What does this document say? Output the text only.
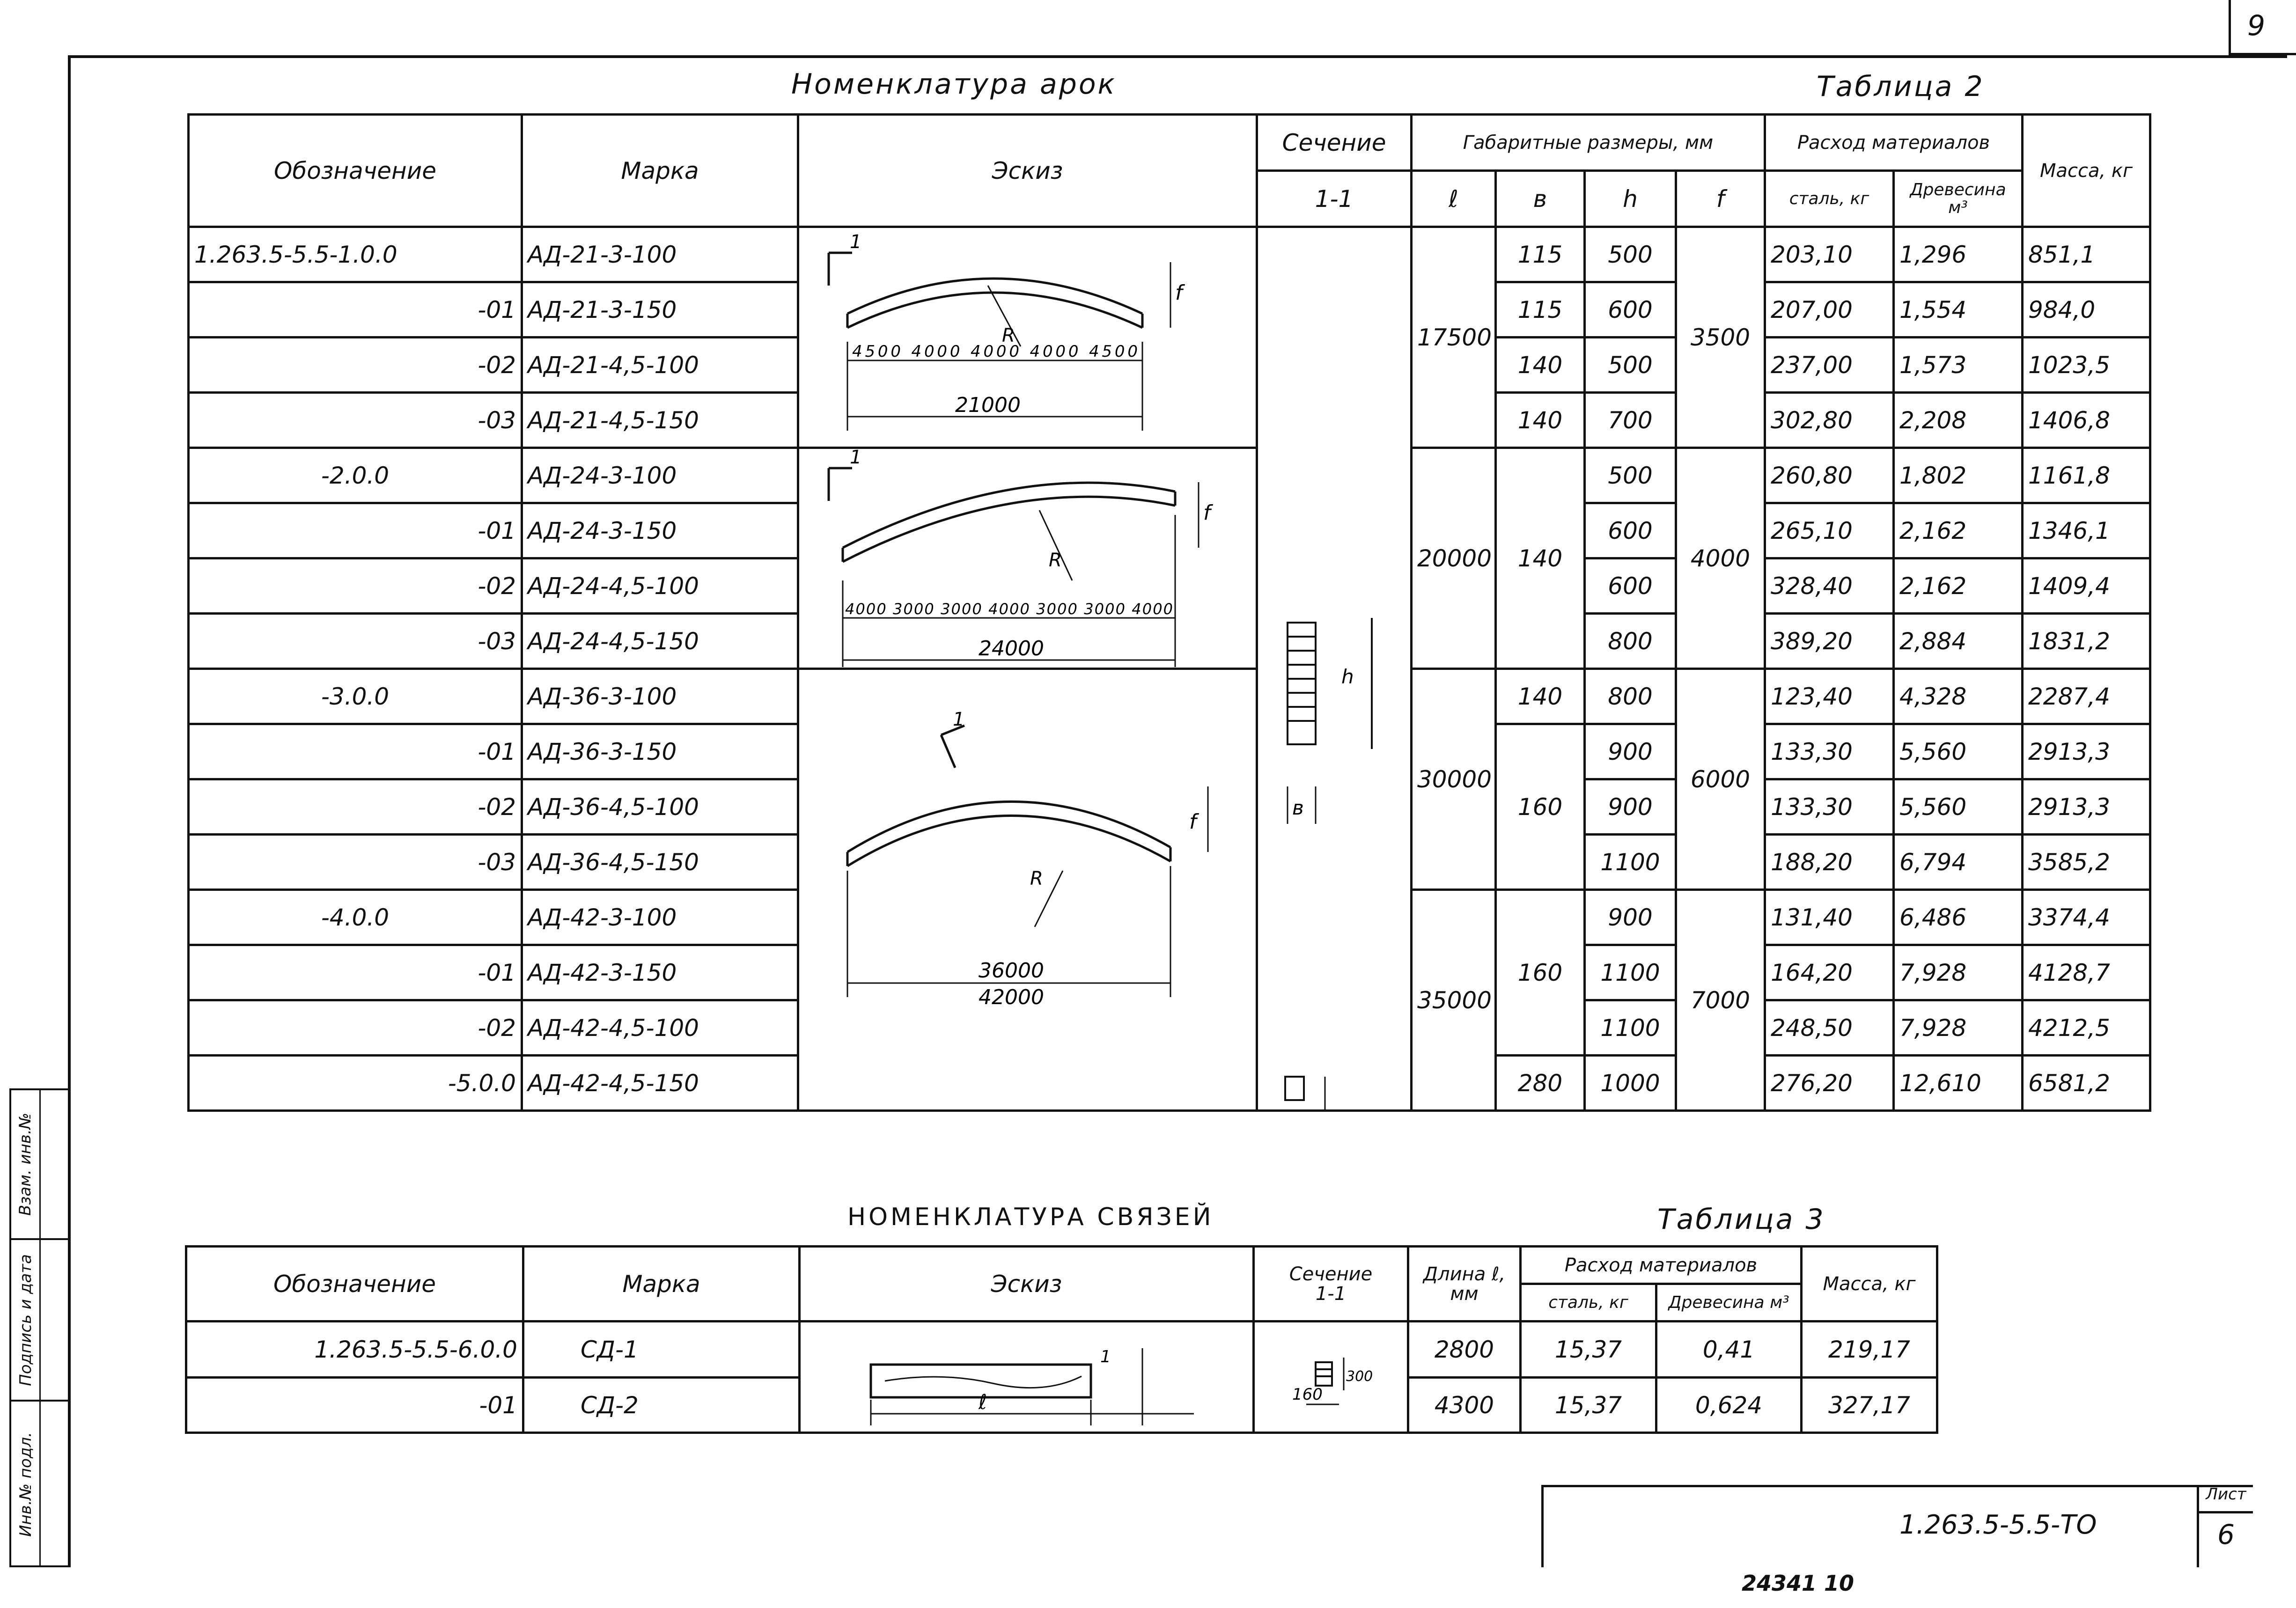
9
Взам. инв.№
Подпись и дата
Инв.№ подл.
Номенклатура арок	Таблица 2
Обозначение	Марка	Эскиз	Сечение	Габаритные размеры, мм				Расход материалов		Масса, кг
			1-1	ℓ	в	h	f	сталь, кг	Древесина м³	
1.263.5-5.5-1.0.0	АД-21-3-100			17500	115	500	3500	203,10	1,296	851,1
-01	АД-21-3-150				115	600		207,00	1,554	984,0
-02	АД-21-4,5-100				140	500		237,00	1,573	1023,5
-03	АД-21-4,5-150				140	700		302,80	2,208	1406,8
-2.0.0	АД-24-3-100			20000	140	500	4000	260,80	1,802	1161,8
-01	АД-24-3-150					600		265,10	2,162	1346,1
-02	АД-24-4,5-100					600		328,40	2,162	1409,4
-03	АД-24-4,5-150					800		389,20	2,884	1831,2
-3.0.0	АД-36-3-100			30000	140	800	6000	123,40	4,328	2287,4
-01	АД-36-3-150				160	900		133,30	5,560	2913,3
-02	АД-36-4,5-100					900		133,30	5,560	2913,3
-03	АД-36-4,5-150					1100		188,20	6,794	3585,2
-4.0.0	АД-42-3-100			35000	160	900	7000	131,40	6,486	3374,4
-01	АД-42-3-150					1100		164,20	7,928	4128,7
-02	АД-42-4,5-100					1100		248,50	7,928	4212,5
-5.0.0	АД-42-4,5-150				280	1000		276,20	12,610	6581,2
1
f
R
4500 4000 4000 4000 4500
21000
1
f
R
4000 3000 3000 4000 3000 3000 4000
24000
1
f
R
36000
42000
h
в
НОМЕНКЛАТУРА СВЯЗЕЙ	Таблица 3
Обозначение	Марка	Эскиз	Сечение
1-1	Длина ℓ, мм	Расход материалов		Масса, кг
					сталь, кг	Древесина м³	
1.263.5-5.5-6.0.0	СД-1			2800	15,37	0,41	219,17
-01	СД-2			4300	15,37	0,624	327,17
ℓ
1
160
300
1.263.5-5.5-ТО
Лист
6
24341 10
